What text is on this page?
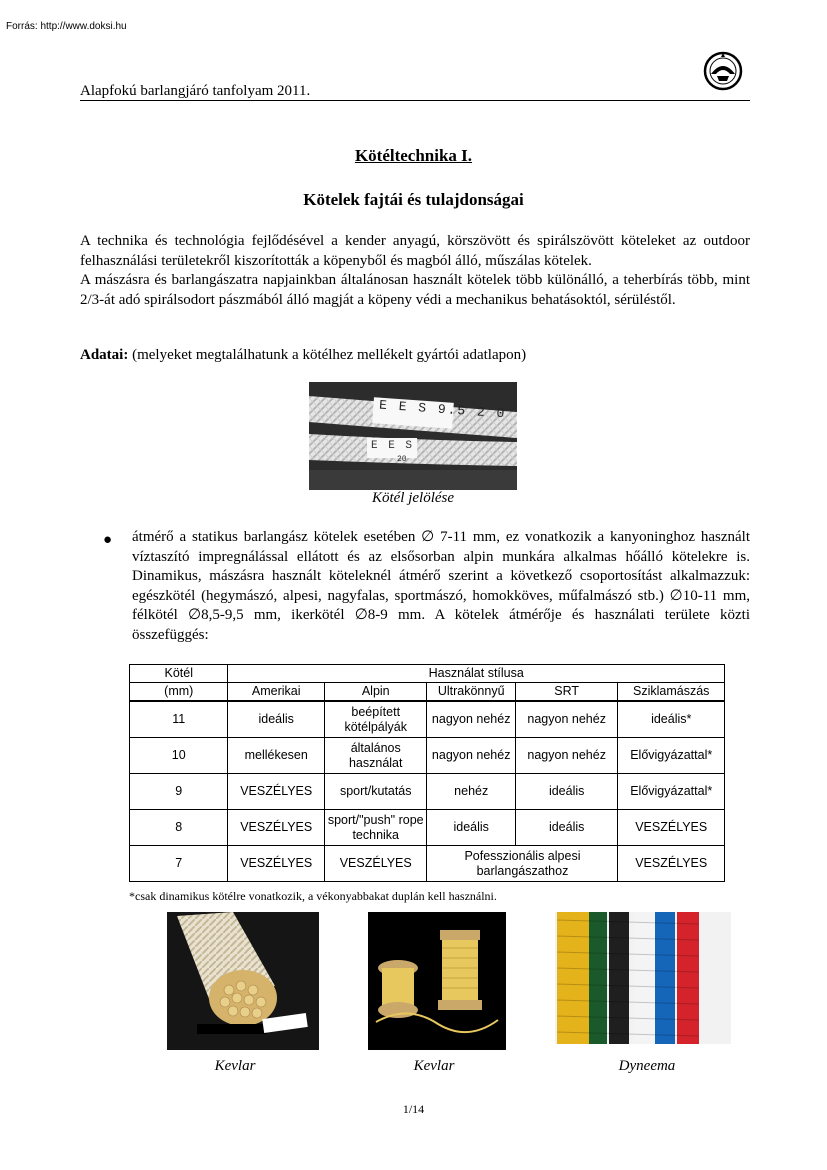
Forrás: http://www.doksi.hu
Alapfokú barlangjáró tanfolyam 2011.
Kötéltechnika I.
Kötelek fajtái és tulajdonságai
A technika és technológia fejlődésével a kender anyagú, körszövött és spirálszövött köteleket az outdoor felhasználási területekről kiszorították a köpenyből és magból álló, műszálas kötelek.
A mászásra és barlangászatra napjainkban általánosan használt kötelek több különálló, a teherbírás több, mint 2/3-át adó spirálsodort pászmából álló magját a köpeny védi a mechanikus behatásoktól, sérüléstől.
Adatai: (melyeket megtalálhatunk a kötélhez mellékelt gyártói adatlapon)
E E S 9.5 2 0
E E S
20
Kötél jelölése
● átmérő a statikus barlangász kötelek esetében ∅ 7-11 mm, ez vonatkozik a kanyoninghoz használt víztaszító impregnálással ellátott és az elsősorban alpin munkára alkalmas hőálló kötelekre is. Dinamikus, mászásra használt köteleknél átmérő szerint a következő csoportosítást alkalmazzuk: egészkötél (hegymászó, alpesi, nagyfalas, sportmászó, homokköves, műfalmászó stb.) ∅10-11 mm, félkötél ∅8,5-9,5 mm, ikerkötél ∅8-9 mm. A kötelek átmérője és használati területe közti összefüggés:
Kötél	Használat stílusa				
(mm)	Amerikai	Alpin	Ultrakönnyű	SRT	Sziklamászás
11	ideális	beépített kötélpályák	nagyon nehéz	nagyon nehéz	ideális*
10	mellékesen	általános használat	nagyon nehéz	nagyon nehéz	Elővigyázattal*
9	VESZÉLYES	sport/kutatás	nehéz	ideális	Elővigyázattal*
8	VESZÉLYES	sport/"push" rope technika	ideális	ideális	VESZÉLYES
7	VESZÉLYES	VESZÉLYES	Pofesszionális alpesi barlangászathoz		VESZÉLYES
*csak dinamikus kötélre vonatkozik, a vékonyabbakat duplán kell használni.
Kevlar	Kevlar	Dyneema
1/14
